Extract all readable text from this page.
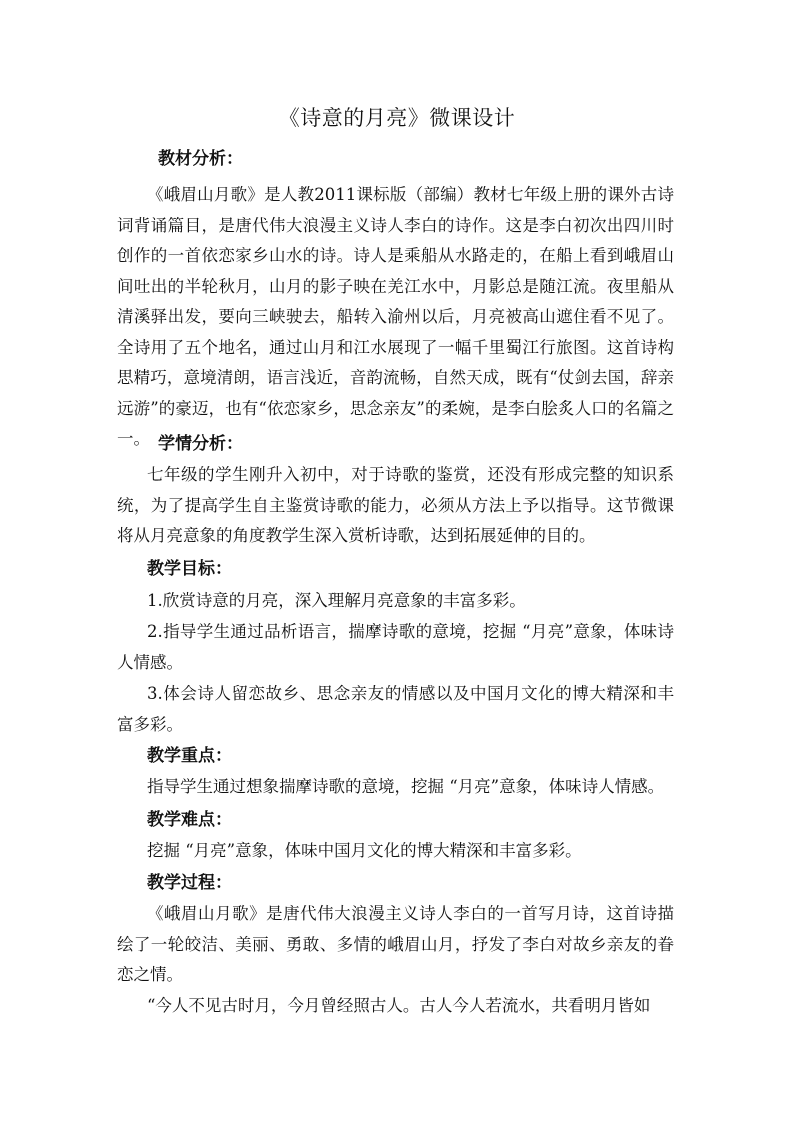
《诗意的月亮》微课设计
教材分析：

《峨眉山月歌》是人教2011课标版（部编）教材七年级上册的课外古诗词背诵篇目，是唐代伟大浪漫主义诗人李白的诗作。这是李白初次出四川时创作的一首依恋家乡山水的诗。诗人是乘船从水路走的，在船上看到峨眉山间吐出的半轮秋月，山月的影子映在羌江水中，月影总是随江流。夜里船从清溪驿出发，要向三峡驶去，船转入渝州以后，月亮被高山遮住看不见了。全诗用了五个地名，通过山月和江水展现了一幅千里蜀江行旅图。这首诗构思精巧，意境清朗，语言浅近，音韵流畅，自然天成，既有“仗剑去国，辞亲远游”的豪迈，也有“依恋家乡，思念亲友”的柔婉，是李白脍炙人口的名篇之一。 学情分析：

七年级的学生刚升入初中，对于诗歌的鉴赏，还没有形成完整的知识系统，为了提高学生自主鉴赏诗歌的能力，必须从方法上予以指导。这节微课将从月亮意象的角度教学生深入赏析诗歌，达到拓展延伸的目的。

教学目标：

1.欣赏诗意的月亮，深入理解月亮意象的丰富多彩。

2.指导学生通过品析语言，揣摩诗歌的意境，挖掘 “月亮”意象，体味诗人情感。

3.体会诗人留恋故乡、思念亲友的情感以及中国月文化的博大精深和丰富多彩。

教学重点：

指导学生通过想象揣摩诗歌的意境，挖掘 “月亮”意象，体味诗人情感。

教学难点：

挖掘 “月亮”意象，体味中国月文化的博大精深和丰富多彩。

教学过程：

《峨眉山月歌》是唐代伟大浪漫主义诗人李白的一首写月诗，这首诗描绘了一轮皎洁、美丽、勇敢、多情的峨眉山月，抒发了李白对故乡亲友的眷恋之情。

“今人不见古时月，今月曾经照古人。古人今人若流水，共看明月皆如
